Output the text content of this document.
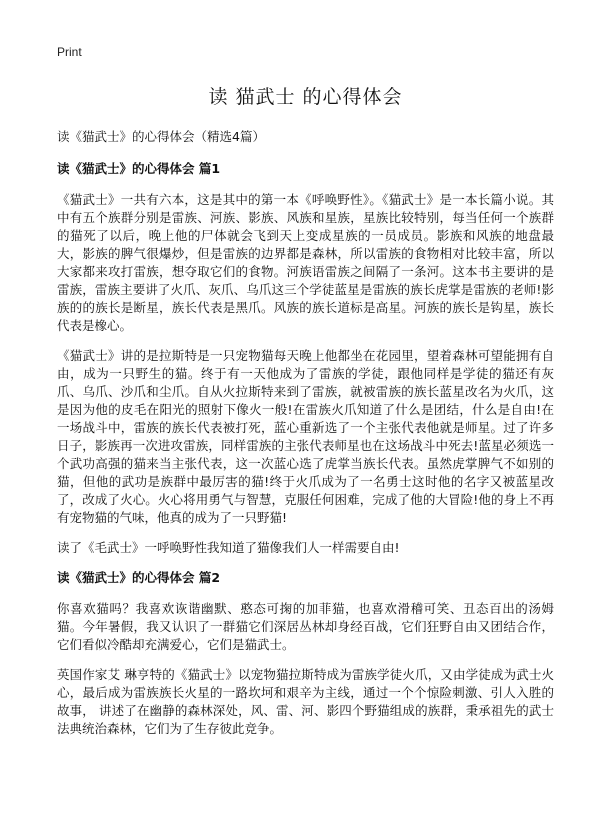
Print
读 猫武士 的心得体会

读《猫武士》的心得体会（精选4篇）

读《猫武士》的心得体会 篇1

《猫武士》一共有六本，这是其中的第一本《呼唤野性》。《猫武士》是一本长篇小说。其中有五个族群分别是雷族、河族、影族、风族和星族，星族比较特别，每当任何一个族群的猫死了以后，晚上他的尸体就会飞到天上变成星族的一员成员。影族和风族的地盘最大，影族的脾气很爆炒，但是雷族的边界都是森林，所以雷族的食物相对比较丰富，所以大家都来攻打雷族，想夺取它们的食物。河族语雷族之间隔了一条河。这本书主要讲的是雷族，雷族主要讲了火爪、灰爪、乌爪这三个学徒蓝星是雷族的族长虎掌是雷族的老师!影族的的族长是断星，族长代表是黑爪。风族的族长道标是高星。河族的族长是钩星，族长代表是橡心。

《猫武士》讲的是拉斯特是一只宠物猫每天晚上他都坐在花园里，望着森林可望能拥有自由，成为一只野生的猫。终于有一天他成为了雷族的学徒，跟他同样是学徒的猫还有灰爪、乌爪、沙爪和尘爪。自从火拉斯特来到了雷族，就被雷族的族长蓝星改名为火爪，这是因为他的皮毛在阳光的照射下像火一般!在雷族火爪知道了什么是团结，什么是自由!在一场战斗中，雷族的族长代表被打死，蓝心重新选了一个主张代表他就是师星。过了许多日子，影族再一次进攻雷族，同样雷族的主张代表师星也在这场战斗中死去!蓝星必须选一个武功高强的猫来当主张代表，这一次蓝心选了虎掌当族长代表。虽然虎掌脾气不如别的猫，但他的武功是族群中最厉害的猫!终于火爪成为了一名勇士这时他的名字又被蓝星改了，改成了火心。火心将用勇气与智慧，克服任何困难，完成了他的大冒险!他的身上不再有宠物猫的气味，他真的成为了一只野猫!

读了《毛武士》一呼唤野性我知道了猫像我们人一样需要自由!

读《猫武士》的心得体会 篇2

你喜欢猫吗？我喜欢诙谐幽默、憨态可掬的加菲猫，也喜欢滑稽可笑、丑态百出的汤姆猫。今年暑假，我又认识了一群猫它们深居丛林却身经百战，它们狂野自由又团结合作，它们看似冷酷却充满爱心，它们是猫武士。

英国作家艾 琳亨特的《猫武士》以宠物猫拉斯特成为雷族学徒火爪，又由学徒成为武士火心，最后成为雷族族长火星的一路坎坷和艰辛为主线，通过一个个惊险刺激、引人入胜的故事， 讲述了在幽静的森林深处，风、雷、河、影四个野猫组成的族群，秉承祖先的武士法典统治森林，它们为了生存彼此竞争。
